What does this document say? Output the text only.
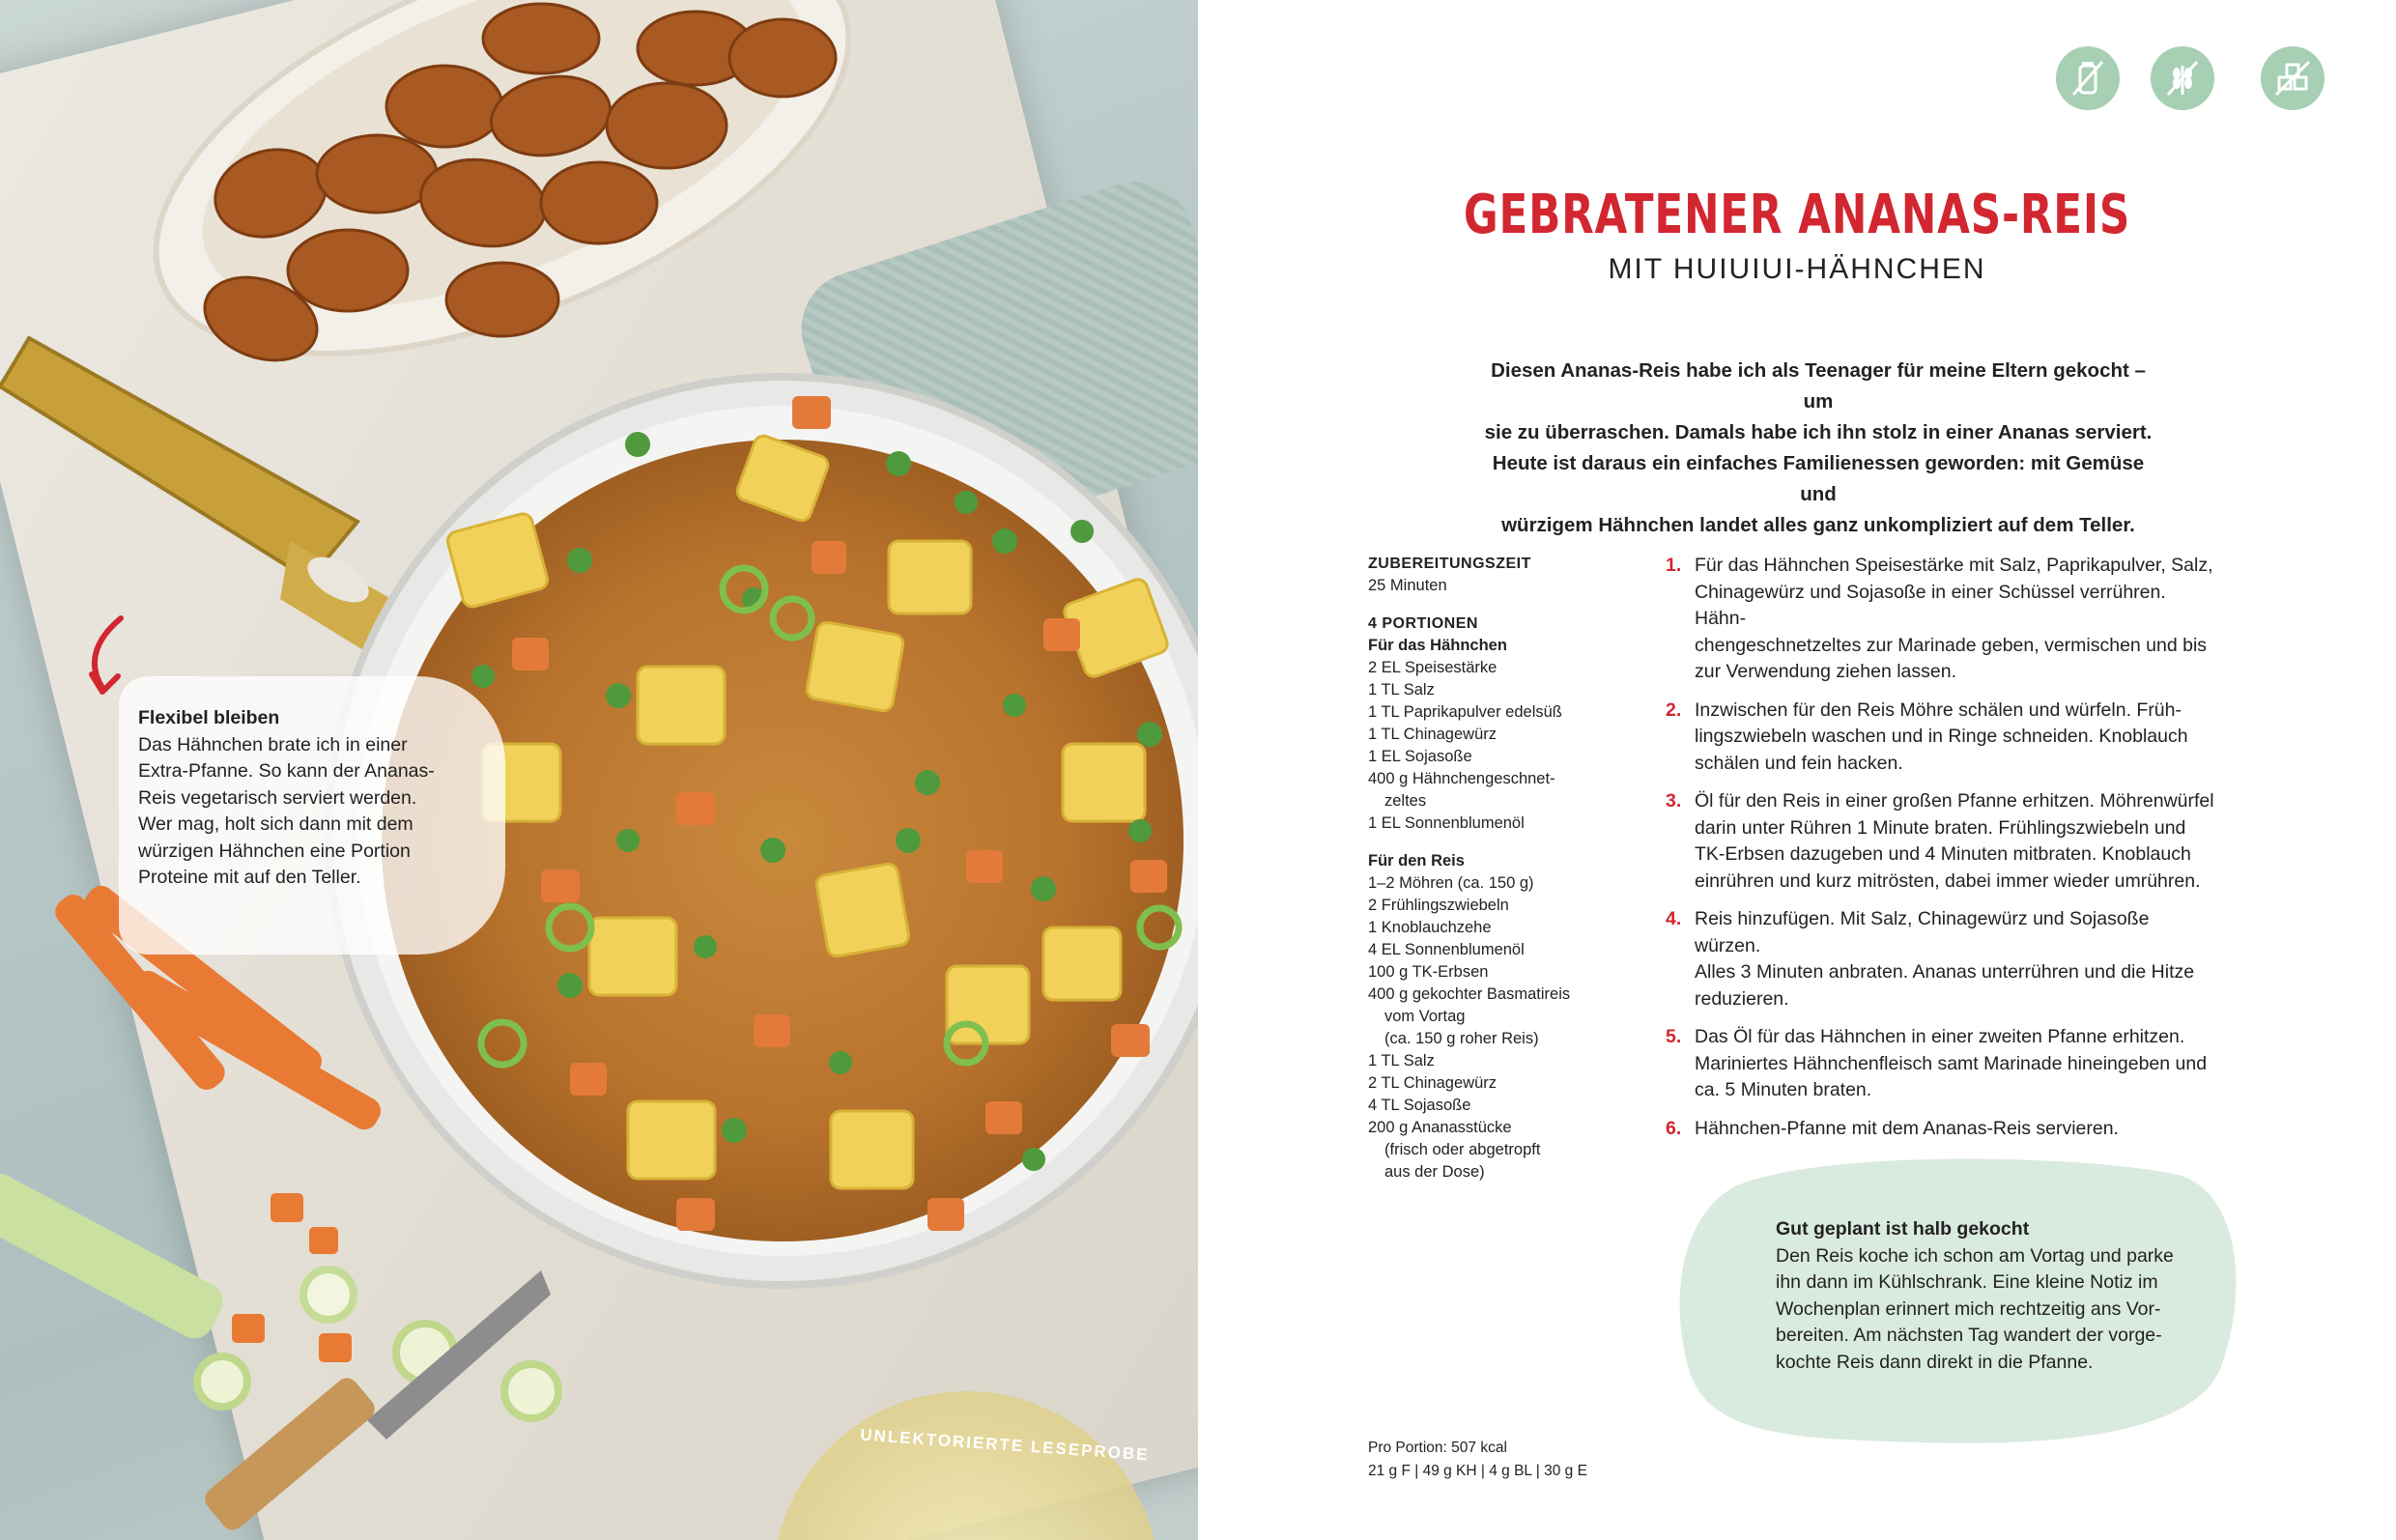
Flexibel bleiben
Das Hähnchen brate ich in einer
Extra-Pfanne. So kann der Ananas-
Reis vegetarisch serviert werden.
Wer mag, holt sich dann mit dem
würzigen Hähnchen eine Portion
Proteine mit auf den Teller.
UNLEKTORIERTE LESEPROBE
GEBRATENER ANANAS-REIS
MIT HUIUIUI-HÄHNCHEN
Diesen Ananas-Reis habe ich als Teenager für meine Eltern gekocht – um
sie zu überraschen. Damals habe ich ihn stolz in einer Ananas serviert.
Heute ist daraus ein einfaches Familienessen geworden: mit Gemüse und
würzigem Hähnchen landet alles ganz unkompliziert auf dem Teller.
ZUBEREITUNGSZEIT
25 Minuten
4 PORTIONEN
Für das Hähnchen
2 EL Speisestärke
1 TL Salz
1 TL Paprikapulver edelsüß
1 TL Chinagewürz
1 EL Sojasoße
400 g Hähnchengeschnet-
zeltes
1 EL Sonnenblumenöl
Für den Reis
1–2 Möhren (ca. 150 g)
2 Frühlingszwiebeln
1 Knoblauchzehe
4 EL Sonnenblumenöl
100 g TK-Erbsen
400 g gekochter Basmatireis
vom Vortag
(ca. 150 g roher Reis)
1 TL Salz
2 TL Chinagewürz
4 TL Sojasoße
200 g Ananasstücke
(frisch oder abgetropft
aus der Dose)
1. Für das Hähnchen Speisestärke mit Salz, Paprikapulver, Salz,
Chinagewürz und Sojasoße in einer Schüssel verrühren. Hähn-
chengeschnetzeltes zur Marinade geben, vermischen und bis
zur Verwendung ziehen lassen.
2. Inzwischen für den Reis Möhre schälen und würfeln. Früh-
lingszwiebeln waschen und in Ringe schneiden. Knoblauch
schälen und fein hacken.
3. Öl für den Reis in einer großen Pfanne erhitzen. Möhrenwürfel
darin unter Rühren 1 Minute braten. Frühlingszwiebeln und
TK-Erbsen dazugeben und 4 Minuten mitbraten. Knoblauch
einrühren und kurz mitrösten, dabei immer wieder umrühren.
4. Reis hinzufügen. Mit Salz, Chinagewürz und Sojasoße würzen.
Alles 3 Minuten anbraten. Ananas unterrühren und die Hitze
reduzieren.
5. Das Öl für das Hähnchen in einer zweiten Pfanne erhitzen.
Mariniertes Hähnchenfleisch samt Marinade hineingeben und
ca. 5 Minuten braten.
6. Hähnchen-Pfanne mit dem Ananas-Reis servieren.
Gut geplant ist halb gekocht
Den Reis koche ich schon am Vortag und parke
ihn dann im Kühlschrank. Eine kleine Notiz im
Wochenplan erinnert mich rechtzeitig ans Vor-
bereiten. Am nächsten Tag wandert der vorge-
kochte Reis dann direkt in die Pfanne.
Pro Portion: 507 kcal
21 g F | 49 g KH | 4 g BL | 30 g E
